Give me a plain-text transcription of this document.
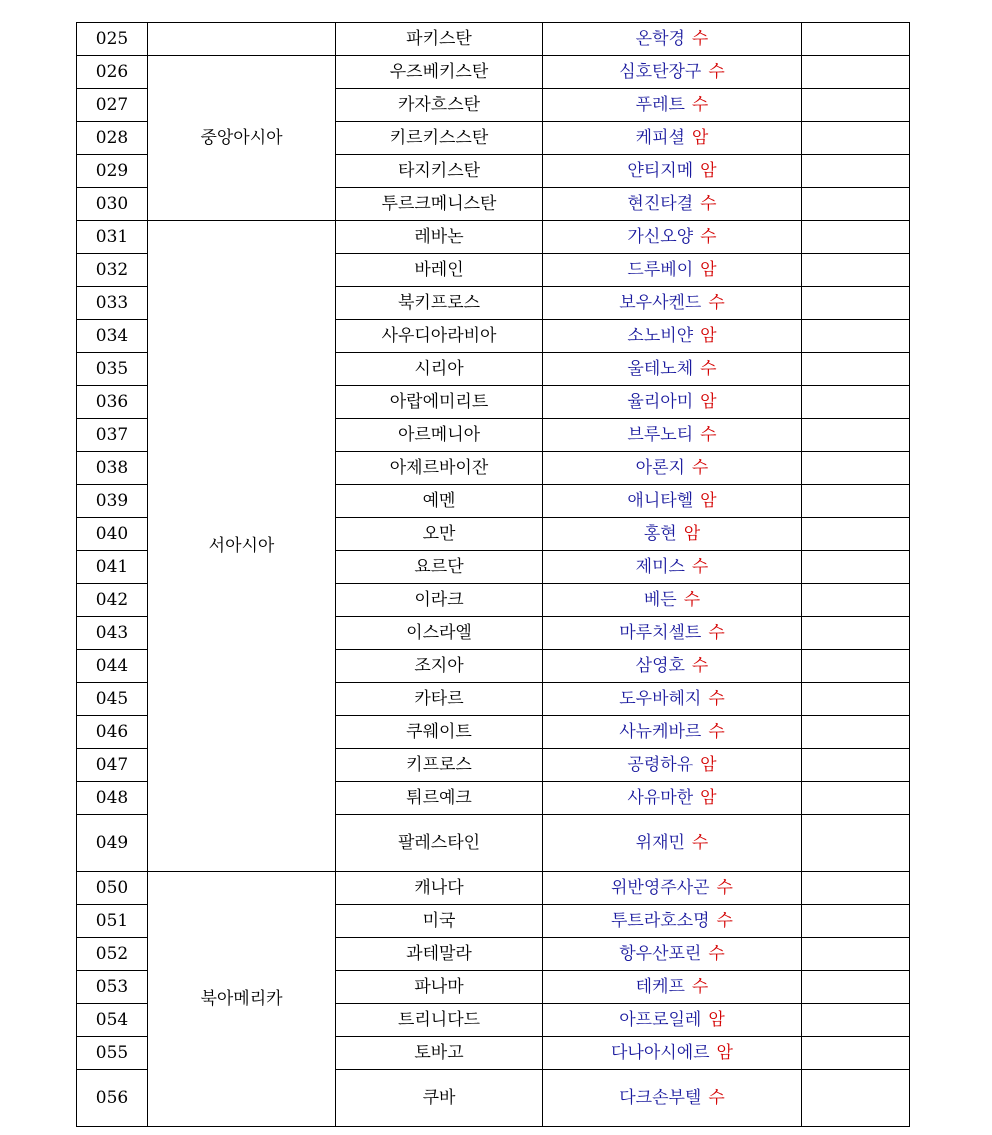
025		파키스탄	온학경 수	
026	중앙아시아	우즈베키스탄	심호탄장구 수	
027		카자흐스탄	푸레트 수	
028		키르키스스탄	케피셜 암	
029		타지키스탄	얀티지메 암	
030		투르크메니스탄	현진타결 수	
031	서아시아	레바논	가신오양 수	
032		바레인	드루베이 암	
033		북키프로스	보우사켄드 수	
034		사우디아라비아	소노비얀 암	
035		시리아	울테노체 수	
036		아랍에미리트	율리아미 암	
037		아르메니아	브루노티 수	
038		아제르바이잔	아론지 수	
039		예멘	애니타헬 암	
040		오만	홍현 암	
041		요르단	제미스 수	
042		이라크	베든 수	
043		이스라엘	마루치셀트 수	
044		조지아	삼영호 수	
045		카타르	도우바헤지 수	
046		쿠웨이트	사뉴케바르 수	
047		키프로스	공령하유 암	
048		튀르예크	사유마한 암	
049		팔레스타인	위재민 수	
050	북아메리카	캐나다	위반영주사곤 수	
051		미국	투트라호소명 수	
052		과테말라	항우산포린 수	
053		파나마	테케프 수	
054		트리니다드	아프로일레 암	
055		토바고	다나아시에르 암	
056		쿠바	다크손부텔 수	
